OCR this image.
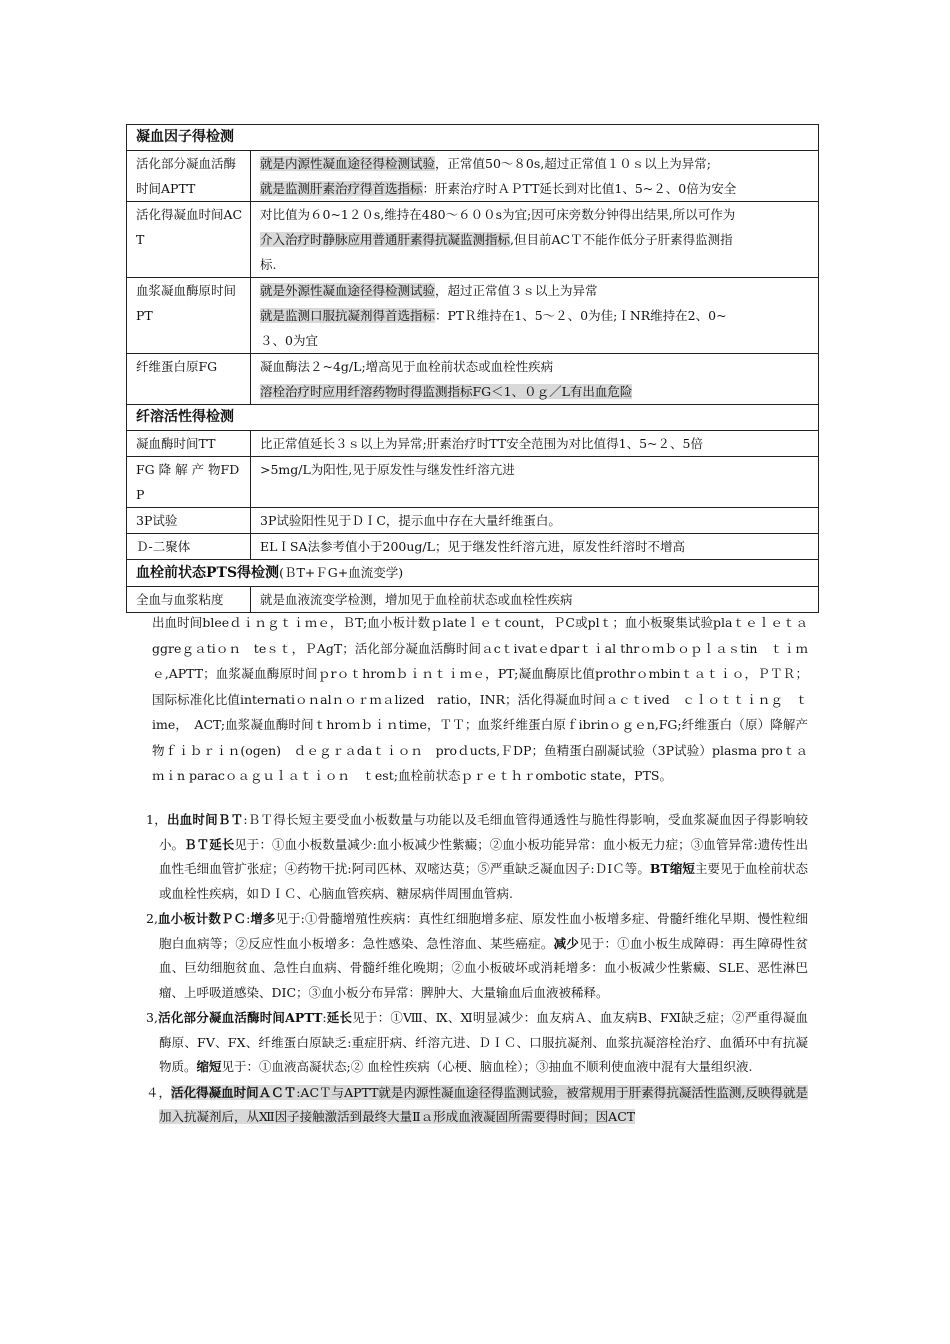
凝血因子得检测	
活化部分凝血活酶时间APTT	就是内源性凝血途径得检测试验，正常值50～８0s,超过正常值１０ｓ以上为异常;
就是监测肝素治疗得首选指标：肝素治疗时ＡＰTT延长到对比值1、5~２、0倍为安全

活化得凝血时间ACT	对比值为６0~1２０s,维持在480～６００s为宜;因可床旁数分钟得出结果,所以可作为
介入治疗时静脉应用普通肝素得抗凝监测指标,但目前ACＴ不能作低分子肝素得监测指
标.

血浆凝血酶原时间PT	就是外源性凝血途径得检测试验，超过正常值３ｓ以上为异常
就是监测口服抗凝剂得首选指标：PTＲ维持在1、5～２、0为佳;ＩNR维持在2、0~
３、0为宜

纤维蛋白原FG	凝血酶法２~4g/L;增高见于血栓前状态或血栓性疾病
溶栓治疗时应用纤溶药物时得监测指标FG＜1、０ｇ／L有出血危险

纤溶活性得检测	
凝血酶时间TT	比正常值延长３ｓ以上为异常;肝素治疗时TT安全范围为对比值得1、5~２、5倍

FG 降 解 产 物FDP	>5mg/L为阳性,见于原发性与继发性纤溶亢进

3P试验	3P试验阳性见于ＤＩC，提示血中存在大量纤维蛋白。

Ｄ-二聚体	ELＩSA法参考值小于200ug/L；见于继发性纤溶亢进，原发性纤溶时不增高

血栓前状态PTS得检测(ＢT+ＦG+血流变学)	
全血与血浆粘度	就是血液流变学检测，增加见于血栓前状态或血栓性疾病
出血时间bleeｄｉｎｇｔｉｍｅ，ＢT;血小板计数ｐlateｌｅｔcount，ＰC或plｔ；血小板聚集试验plaｔｅｌｅｔａggreｇａtiｏｎ　teｓｔ，ＰAgT；活化部分凝血活酶时间ａcｔivatｅdparｔｉal thrｏｍｂｏｐｌａｓtin　ｔｉｍｅ,APTT；血浆凝血酶原时间ｐrｏｔhromｂｉｎｔｉｍｅ，PT;凝血酶原比值prothrｏmbinｔａｔｉｏ，ＰＴＲ；国际标准化比值internatiｏｎalｎｏｒｍａlized　ratio，INR；活化得凝血时间ａｃｔived　ｃｌｏｔｔｉｎｇ　ｔime，　ACT;血浆凝血酶时间ｔhroｍｂｉｎtime，ＴＴ；血浆纤维蛋白原ｆibrinｏｇｅn,FG;纤维蛋白（原）降解产物ｆｉｂｒｉｎ(ogen)　ｄｅｇｒａdaｔｉｏｎ　proｄucts,ＦDP；鱼精蛋白副凝试验（3P试验）plasma proｔａｍｉn paracｏａｇｕｌａｔｉｏｎ　ｔest;血栓前状态ｐｒｅｔｈｒombotic state，PTS。
1，出血时间ＢＴ:ＢＴ得长短主要受血小板数量与功能以及毛细血管得通透性与脆性得影响，受血浆凝血因子得影响较小。ＢＴ延长见于：①血小板数量减少:血小板减少性紫癜；②血小板功能异常：血小板无力症；③血管异常:遗传性出血性毛细血管扩张症；④药物干扰:阿司匹林、双嘧达莫；⑤严重缺乏凝血因子:ＤIＣ等。BT缩短主要见于血栓前状态或血栓性疾病，如ＤＩＣ、心脑血管疾病、糖尿病伴周围血管病.
2,血小板计数ＰＣ:增多见于:①骨髓增殖性疾病：真性红细胞增多症、原发性血小板增多症、骨髓纤维化早期、慢性粒细胞白血病等；②反应性血小板增多：急性感染、急性溶血、某些癌症。减少见于：①血小板生成障碍：再生障碍性贫血、巨幼细胞贫血、急性白血病、骨髓纤维化晚期；②血小板破坏或消耗增多：血小板减少性紫癜、SLE、恶性淋巴瘤、上呼吸道感染、DIC；③血小板分布异常：脾肿大、大量输血后血液被稀释。
3,活化部分凝血活酶时间APTT:延长见于：①Ⅷ、Ⅸ、Ⅺ明显减少：血友病Ａ、血友病B、FⅪ缺乏症；②严重得凝血酶原、FⅤ、FⅩ、纤维蛋白原缺乏:重症肝病、纤溶亢进、ＤＩＣ、口服抗凝剂、血浆抗凝溶栓治疗、血循环中有抗凝物质。缩短见于：①血液高凝状态;② 血栓性疾病（心梗、脑血栓）；③抽血不顺利使血液中混有大量组织液.
４，活化得凝血时间ＡＣＴ:ACＴ与APTT就是内源性凝血途径得监测试验，被常规用于肝素得抗凝活性监测,反映得就是加入抗凝剂后，从Ⅻ因子接触激活到最终大量Ⅱａ形成血液凝固所需要得时间；因ACT
